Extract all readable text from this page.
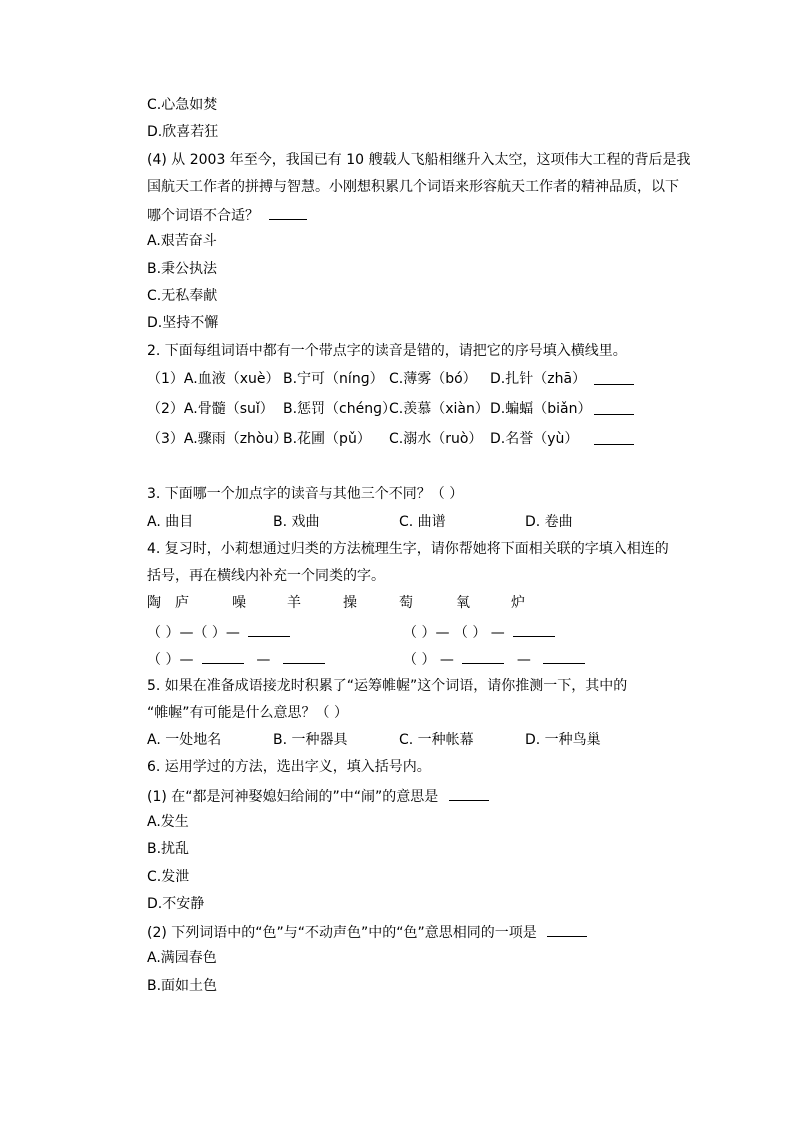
C.心急如焚
D.欣喜若狂
(4) 从 2003 年至今，我国已有 10 艘载人飞船相继升入太空，这项伟大工程的背后是我
国航天工作者的拼搏与智慧。小刚想积累几个词语来形容航天工作者的精神品质，以下
哪个词语不合适？
A.艰苦奋斗
B.秉公执法
C.无私奉献
D.坚持不懈
2. 下面每组词语中都有一个带点字的读音是错的，请把它的序号填入横线里。
（1）A.血液（xuè） B.宁可（nínɡ） C.薄雾（bó） D.扎针（zhā）
（2）A.骨髓（suǐ） B.惩罚（chénɡ）
C.羡慕（xiàn） D.蝙蝠（biǎn）
（3）A.骤雨（zhòu）
B.花圃（pǔ） C.溺水（ruò） D.名誉（yù）
3. 下面哪一个加点字的读音与其他三个不同？（ ）
A. 曲目	B. 戏曲	C. 曲谱	D. 卷曲
4. 复习时，小莉想通过归类的方法梳理生字，请你帮她将下面相关联的字填入相连的
括号，再在横线内补充一个同类的字。
陶 庐	噪	羊	操	萄	氧	炉
（ ）—（ ）—	（ ）— （ ） —
（ ）—	—	（ ） —	—
5. 如果在准备成语接龙时积累了“运筹帷幄”这个词语，请你推测一下，其中的
“帷幄”有可能是什么意思？（ ）
A. 一处地名	B. 一种器具	C. 一种帐幕	D. 一种鸟巢
6. 运用学过的方法，选出字义，填入括号内。
(1) 在“都是河神娶媳妇给闹的”中“闹”的意思是
A.发生
B.扰乱
C.发泄
D.不安静
(2) 下列词语中的“色”与“不动声色”中的“色”意思相同的一项是
A.满园春色
B.面如土色
